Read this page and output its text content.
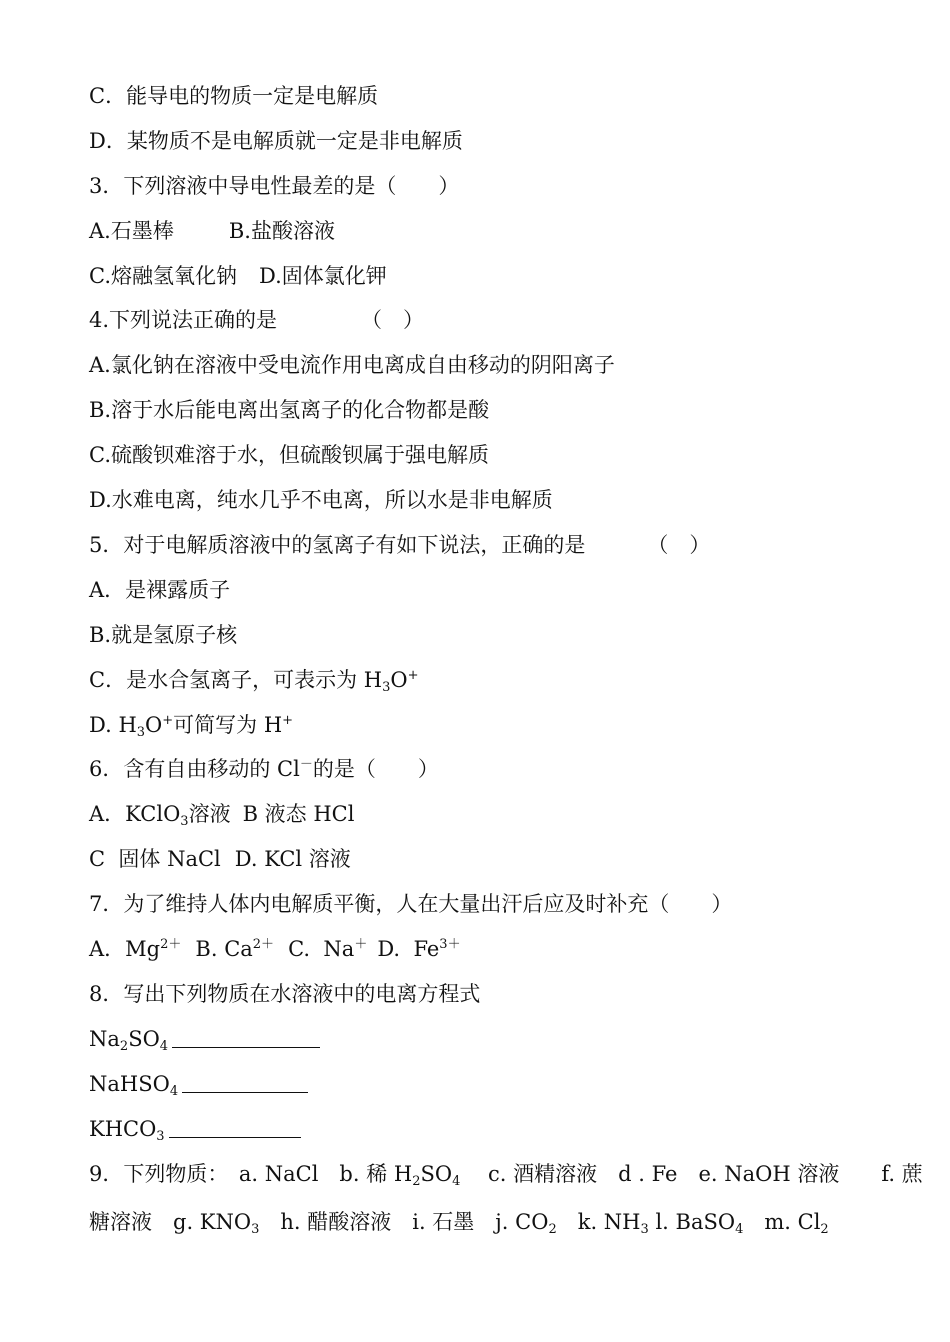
C．能导电的物质一定是电解质
D．某物质不是电解质就一定是非电解质
3．下列溶液中导电性最差的是（　　）
A.石墨棒	B.盐酸溶液
C.熔融氢氧化钠 D.固体氯化钾
4.下列说法正确的是	（　）
A.氯化钠在溶液中受电流作用电离成自由移动的阴阳离子
B.溶于水后能电离出氢离子的化合物都是酸
C.硫酸钡难溶于水，但硫酸钡属于强电解质
D.水难电离，纯水几乎不电离，所以水是非电解质
5．对于电解质溶液中的氢离子有如下说法，正确的是	（　）
A．是裸露质子
B.就是氢原子核
C．是水合氢离子，可表示为 $H_3O^+$
D. $H_3O^+$可简写为 H+
6．含有自由移动的 Cl－的是（　　）
A．KClO$_3$溶液 B 液态 HCl
C  固体 NaCl D. KCl 溶液
7．为了维持人体内电解质平衡，人在大量出汗后应及时补充（　　）
A．$Mg^{2+}$ B. $Ca^{2+}$ C.  Na＋ D.  $Fe^{3+}$
8．写出下列物质在水溶液中的电离方程式
$Na_2SO_4$
NaHSO$_4$
$KHCO_3$
9．下列物质：　a. NaCl　b. 稀 $H_2SO_4$　 c. 酒精溶液　d . Fe　e. NaOH 溶液　　f. 蔗
糖溶液　g. $KNO_3$　h. 醋酸溶液　i. 石墨　j. $CO_2$　k. $NH_3$ l. BaSO$_4$　m. $Cl_2$
